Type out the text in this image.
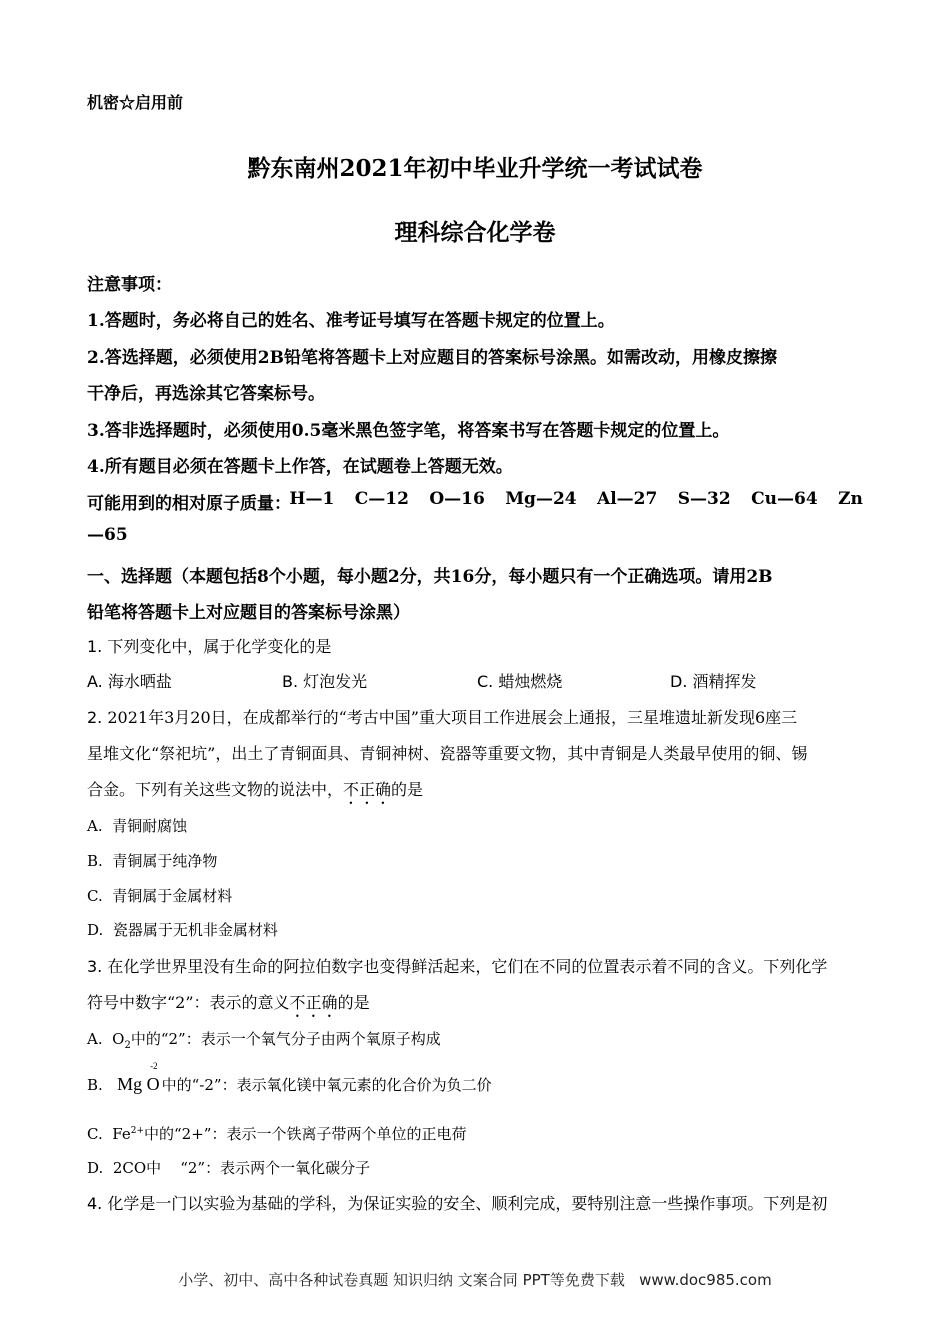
机密☆启用前
黔东南州2021年初中毕业升学统一考试试卷
理科综合化学卷
注意事项：
1.答题时，务必将自己的姓名、准考证号填写在答题卡规定的位置上。
2.答选择题，必须使用2B铅笔将答题卡上对应题目的答案标号涂黑。如需改动，用橡皮擦擦
干净后，再选涂其它答案标号。
3.答非选择题时，必须使用0.5毫米黑色签字笔，将答案书写在答题卡规定的位置上。
4.所有题目必须在答题卡上作答，在试题卷上答题无效。
可能用到的相对原子质量：
H—1 C—12 O—16 Mg—24 Al—27 S—32 Cu—64 Zn
—65
一、选择题（本题包括8个小题，每小题2分，共16分，每小题只有一个正确选项。请用2B
铅笔将答题卡上对应题目的答案标号涂黑）
1. 下列变化中，属于化学变化的是
A. 海水晒盐	B. 灯泡发光	C. 蜡烛燃烧	D. 酒精挥发
2. 2021年3月20日，在成都举行的“考古中国”重大项目工作进展会上通报，三星堆遗址新发现6座三
星堆文化“祭祀坑”，出土了青铜面具、青铜神树、瓷器等重要文物，其中青铜是人类最早使用的铜、锡
合金。下列有关这些文物的说法中，不正确的是
A. 青铜耐腐蚀
B. 青铜属于纯净物
C. 青铜属于金属材料
D. 瓷器属于无机非金属材料
3. 在化学世界里没有生命的阿拉伯数字也变得鲜活起来，它们在不同的位置表示着不同的含义。下列化学
符号中数字“2”：表示的意义不正确的是
A. $O_2$中的“2”：表示一个氧气分子由两个氧原子构成
B. Mg O
-2
中的“-2”：表示氧化镁中氧元素的化合价为负二价
C. $Fe^{2+}$中的“2+”：表示一个铁离子带两个单位的正电荷
D. 2CO中 “2”：表示两个一氧化碳分子
4. 化学是一门以实验为基础的学科，为保证实验的安全、顺利完成，要特别注意一些操作事项。下列是初
小学、初中、高中各种试卷真题 知识归纳 文案合同 PPT等免费下载 www.doc985.com
